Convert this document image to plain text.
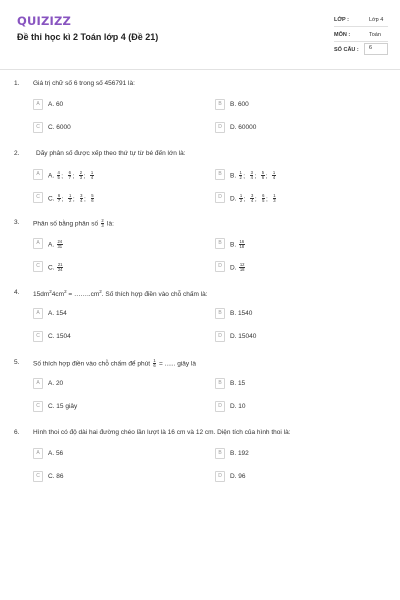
QUIZIZZ
Đề thi học kì 2 Toán lớp 4 (Đề 21)
LỚP :	Lớp 4
MÔN :	Toán
SỐ CÂU : 6
1. Giá trị chữ số 6 trong số 456791 là:
A	A. 60	B	B. 600
C	C. 6000	D	D. 60000
2.	Dãy phân số được xếp theo thứ tự từ bé đến lớn là:
A	A. $\frac{4}{5}$ ; $\frac{6}{7}$ ; $\frac{2}{3}$ ; $\frac{1}{4}$	B	B. $\frac{1}{2}$ ; $\frac{3}{4}$ ; $\frac{5}{6}$ ; $\frac{1}{4}$
C	C. $\frac{6}{7}$ ; $\frac{1}{2}$ ; $\frac{3}{4}$ ; $\frac{5}{6}$	D	D. $\frac{1}{2}$ ; $\frac{3}{4}$ ; $\frac{6}{5}$ ; $\frac{1}{3}$
3. Phân số bằng phân số $\frac{2}{3}$ là:
A	A. $\frac{24}{31}$	B	B. $\frac{16}{18}$
C	C. $\frac{21}{24}$	D	D. $\frac{12}{18}$
4. $15dm^24cm^2$ = $\dots\dots..cm^2$. Số thích hợp điền vào chỗ chấm là:
A	A. 154	B	B. 1540
C	C. 1504	D	D. 15040
5. Số thích hợp điền vào chỗ chấm để phút $\frac{1}{6}$ = ...... giây là
A	A. 20	B	B. 15
C	C. 15 giây	D	D. 10
6. Hình thoi có độ dài hai đường chéo lần lượt là 16 cm và 12 cm. Diện tích của hình thoi là:
A	A. 56	B	B. 192
C	C. 86	D	D. 96
